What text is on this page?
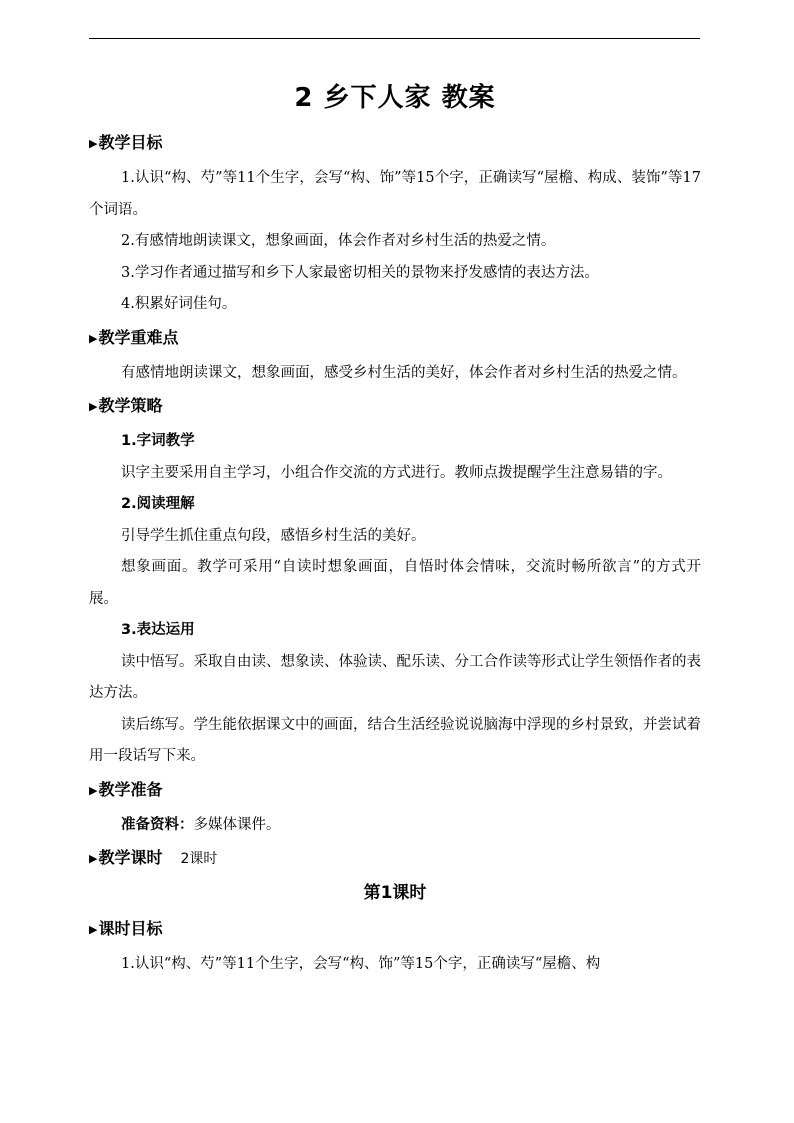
2 乡下人家 教案
▶教学目标

1.认识“构、芍”等11个生字，会写“构、饰”等15个字，正确读写“屋檐、构成、装饰”等17个词语。

2.有感情地朗读课文，想象画面，体会作者对乡村生活的热爱之情。

3.学习作者通过描写和乡下人家最密切相关的景物来抒发感情的表达方法。

4.积累好词佳句。

▶教学重难点

有感情地朗读课文，想象画面，感受乡村生活的美好，体会作者对乡村生活的热爱之情。

▶教学策略

1.字词教学

识字主要采用自主学习，小组合作交流的方式进行。教师点拨提醒学生注意易错的字。

2.阅读理解

引导学生抓住重点句段，感悟乡村生活的美好。

想象画面。教学可采用“自读时想象画面，自悟时体会情味，交流时畅所欲言”的方式开展。

3.表达运用

读中悟写。采取自由读、想象读、体验读、配乐读、分工合作读等形式让学生领悟作者的表达方法。

读后练写。学生能依据课文中的画面，结合生活经验说说脑海中浮现的乡村景致，并尝试着用一段话写下来。

▶教学准备

准备资料：多媒体课件。

▶教学课时 2课时
第1课时
▶课时目标

1.认识“构、芍”等11个生字，会写“构、饰”等15个字，正确读写“屋檐、构
